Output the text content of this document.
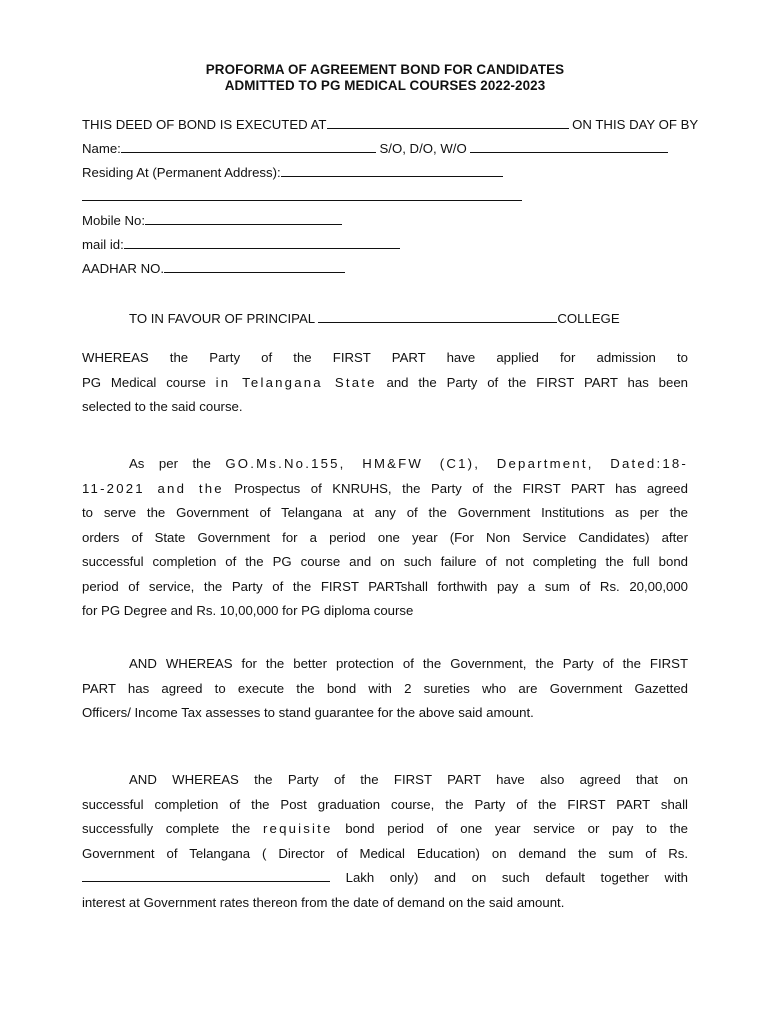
PROFORMA OF AGREEMENT BOND FOR CANDIDATES
ADMITTED TO PG MEDICAL COURSES 2022-2023
THIS DEED OF BOND IS EXECUTED AT	ON THIS DAY OF BY
Name:	S/O, D/O, W/O
Residing At (Permanent Address):
Mobile No:
mail id:
AADHAR NO.
TO IN FAVOUR OF PRINCIPAL	COLLEGE
WHEREAS the Party of the FIRST PART have applied for admission to
PG Medical course in Telangana State and the Party of the FIRST PART has been
selected to the said course.
As per the GO.Ms.No.155, HM&FW (C1), Department, Dated:18-
11-2021 and the Prospectus of KNRUHS, the Party of the FIRST PART has agreed
to serve the Government of Telangana at any of the Government Institutions as per the
orders of State Government for a period one year (For Non Service Candidates) after
successful completion of the PG course and on such failure of not completing the full bond
period of service, the Party of the FIRST PARTshall forthwith pay a sum of Rs. 20,00,000
for PG Degree and Rs. 10,00,000 for PG diploma course
AND WHEREAS for the better protection of the Government, the Party of the FIRST
PART has agreed to execute the bond with 2 sureties who are Government Gazetted
Officers/ Income Tax assesses to stand guarantee for the above said amount.
AND WHEREAS the Party of the FIRST PART have also agreed that on
successful completion of the Post graduation course, the Party of the FIRST PART shall
successfully complete the requisite bond period of one year service or pay to the
Government of Telangana ( Director of Medical Education) on demand the sum of Rs.
Lakh only) and on such default together with
interest at Government rates thereon from the date of demand on the said amount.
